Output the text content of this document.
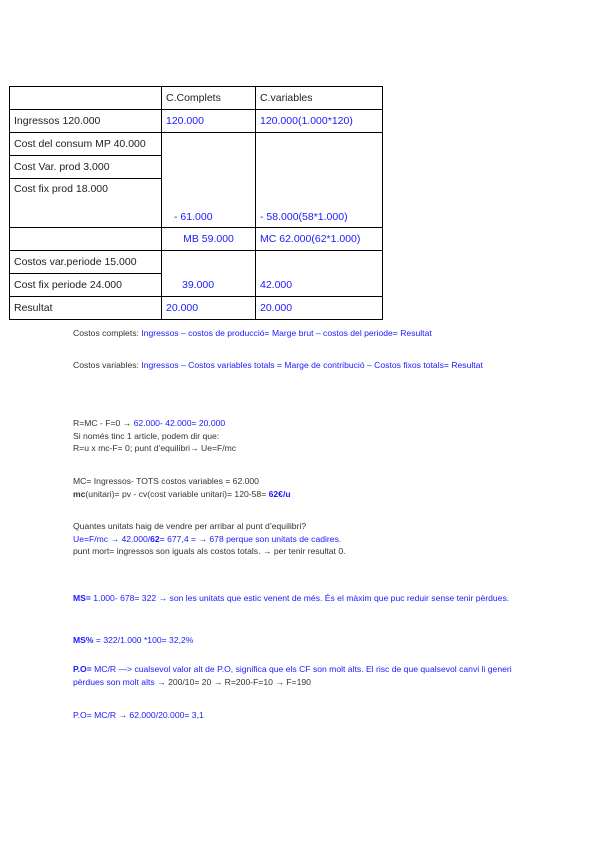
	C.Complets	C.variables
Ingressos 120.000	120.000	120.000(1.000*120)
Cost del consum MP 40.000		
Cost Var. prod 3.000		
Cost fix prod 18.000	- 61.000	- 58.000(58*1.000)
	MB 59.000	MC 62.000(62*1.000)
Costos var.periode 15.000	39.000	42.000

Cost fix periode 24.000		
Resultat	20.000	20.000

Costos complets: Ingressos – costos de producció= Marge brut – costos del periode= Resultat

Costos variables: Ingressos – Costos variables totals = Marge de contribució – Costos fixos totals= Resultat

R=MC - F=0 → 62.000- 42.000= 20.000

Si només tinc 1 article, podem dir que:

R=u x mc-F= 0; punt d’equilibri→ Ue=F/mc

MC= Ingressos- TOTS costos variables = 62.000

mc(unitari)= pv - cv(cost variable unitari)= 120-58= 62€/u

Quantes unitats haig de vendre per arribar al punt d’equilibri?

Ue=F/mc → 42.000/62= 677,4 = → 678 perque son unitats de cadires.

punt mort= ingressos son iguals als costos totals. → per tenir resultat 0.

MS= 1.000- 678= 322 → son les unitats que estic venent de més. És el màxim que puc reduir sense tenir pèrdues.

MS% = 322/1.000 *100= 32,2%

P.O= MC/R —> cualsevol valor alt de P.O, significa que els CF son molt alts. El risc de que qualsevol canvi li generi pèrdues son molt alts → 200/10= 20 → R=200-F=10 → F=190

P.O= MC/R → 62.000/20.000= 3,1
